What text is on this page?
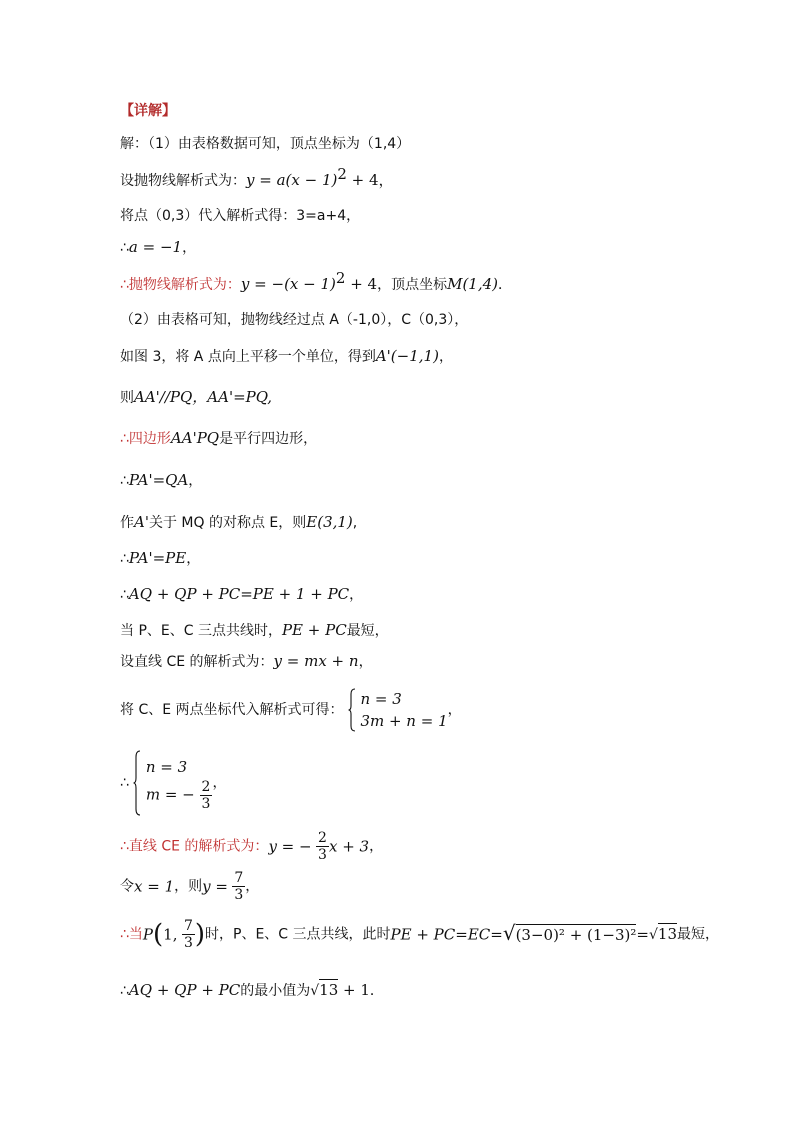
【详解】
解：（1）由表格数据可知，顶点坐标为（1,4）
设抛物线解析式为：$y = a(x - 1)^2 + 4$，
将点（0,3）代入解析式得：3=a+4，
∴a = −1，
∴抛物线解析式为：$y = -(x - 1)^2 + 4$，顶点坐标M(1,4)．
（2）由表格可知，抛物线经过点 A（-1,0），C（0,3），
如图 3，将 A 点向上平移一个单位，得到A'(−1,1)，
则AA'//PQ，AA'=PQ,
∴四边形AA'PQ是平行四边形，
∴PA'=QA，
作A'关于 MQ 的对称点 E，则E(3,1),
∴PA'=PE，
∴AQ + QP + PC=PE + 1 + PC，
当 P、E、C 三点共线时，PE + PC最短，
设直线 CE 的解析式为：y = mx + n，
将 C、E 两点坐标代入解析式可得：
n = 3
3m + n = 1
，
∴
n = 3
m = − $\frac{2}{3}$ ，
∴直线 CE 的解析式为：y = − $\frac{2}{3}$ x + 3，
令x = 1，则$y = \frac{7}{3}$ ，
∴当P(1, $\frac{7}{3}$ )时，P、E、C 三点共线，此时PE + PC=EC=√(3−0)² + (1−3)²=√13最短，
∴AQ + QP + PC的最小值为√13 + 1．
